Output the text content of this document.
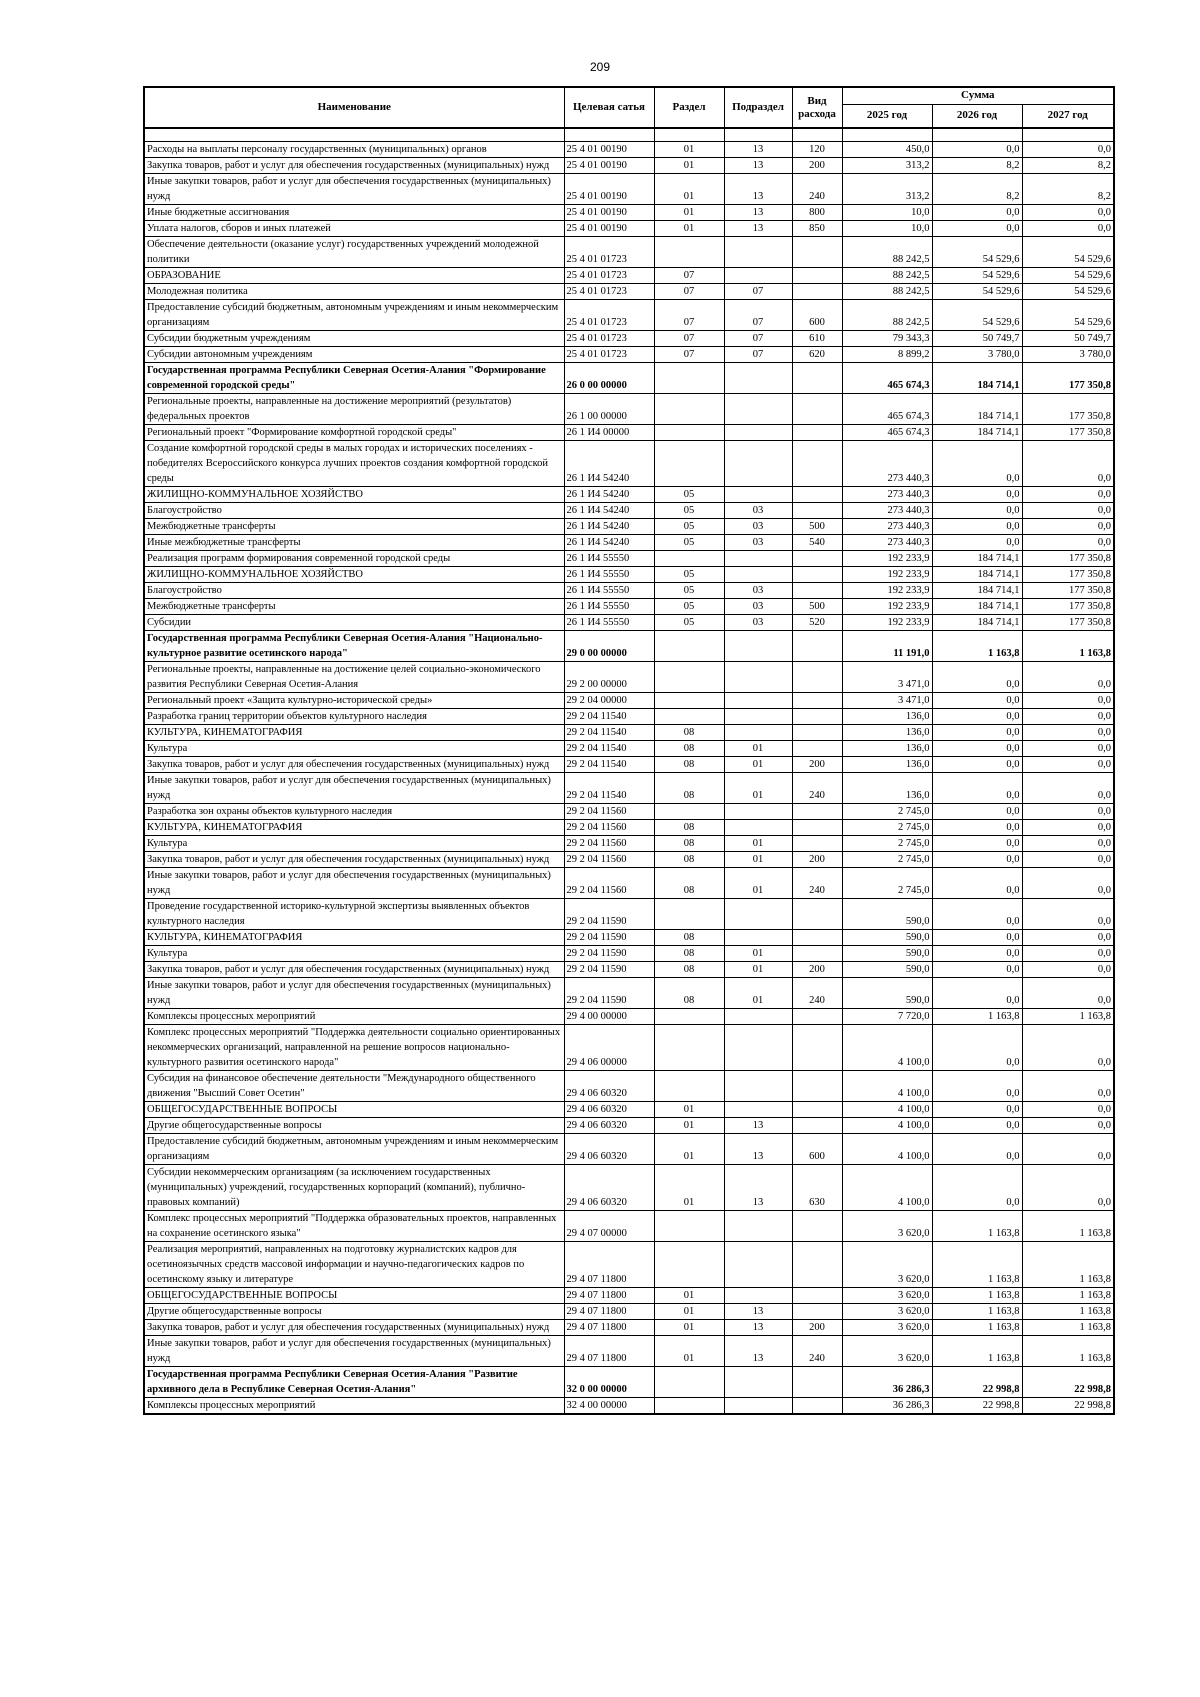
209
Наименование	Целевая сатья	Раздел	Подраздел	Вид расхода	Сумма		
					2025 год	2026 год	2027 год

Расходы на выплаты персоналу государственных (муниципальных) органов	25 4 01 00190	01	13	120	450,0	0,0	0,0
Закупка товаров, работ и услуг для обеспечения государственных (муниципальных) нужд	25 4 01 00190	01	13	200	313,2	8,2	8,2
Иные закупки товаров, работ и услуг для обеспечения государственных (муниципальных) нужд	25 4 01 00190	01	13	240	313,2	8,2	8,2
Иные бюджетные ассигнования	25 4 01 00190	01	13	800	10,0	0,0	0,0
Уплата налогов, сборов и иных платежей	25 4 01 00190	01	13	850	10,0	0,0	0,0
Обеспечение деятельности (оказание услуг) государственных учреждений молодежной политики	25 4 01 01723				88 242,5	54 529,6	54 529,6
ОБРАЗОВАНИЕ	25 4 01 01723	07			88 242,5	54 529,6	54 529,6
Молодежная политика	25 4 01 01723	07	07		88 242,5	54 529,6	54 529,6
Предоставление субсидий бюджетным, автономным учреждениям и иным некоммерческим организациям	25 4 01 01723	07	07	600	88 242,5	54 529,6	54 529,6
Субсидии бюджетным учреждениям	25 4 01 01723	07	07	610	79 343,3	50 749,7	50 749,7
Субсидии автономным учреждениям	25 4 01 01723	07	07	620	8 899,2	3 780,0	3 780,0
Государственная программа Республики Северная Осетия-Алания "Формирование современной городской среды"	26 0 00 00000				465 674,3	184 714,1	177 350,8
Региональные проекты, направленные на достижение мероприятий (результатов) федеральных проектов	26 1 00 00000				465 674,3	184 714,1	177 350,8
Региональный проект "Формирование комфортной городской среды"	26 1 И4 00000				465 674,3	184 714,1	177 350,8
Создание комфортной городской среды в малых городах и исторических поселениях - победителях Всероссийского конкурса лучших проектов создания комфортной городской среды	26 1 И4 54240				273 440,3	0,0	0,0
ЖИЛИЩНО-КОММУНАЛЬНОЕ ХОЗЯЙСТВО	26 1 И4 54240	05			273 440,3	0,0	0,0
Благоустройство	26 1 И4 54240	05	03		273 440,3	0,0	0,0
Межбюджетные трансферты	26 1 И4 54240	05	03	500	273 440,3	0,0	0,0
Иные межбюджетные трансферты	26 1 И4 54240	05	03	540	273 440,3	0,0	0,0
Реализация программ формирования современной городской среды	26 1 И4 55550				192 233,9	184 714,1	177 350,8
ЖИЛИЩНО-КОММУНАЛЬНОЕ ХОЗЯЙСТВО	26 1 И4 55550	05			192 233,9	184 714,1	177 350,8
Благоустройство	26 1 И4 55550	05	03		192 233,9	184 714,1	177 350,8
Межбюджетные трансферты	26 1 И4 55550	05	03	500	192 233,9	184 714,1	177 350,8
Субсидии	26 1 И4 55550	05	03	520	192 233,9	184 714,1	177 350,8
Государственная программа Республики Северная Осетия-Алания "Национально-культурное развитие осетинского народа"	29 0 00 00000				11 191,0	1 163,8	1 163,8
Региональные проекты, направленные на достижение целей социально-экономического развития Республики Северная Осетия-Алания	29 2 00 00000				3 471,0	0,0	0,0
Региональный проект «Защита культурно-исторической среды»	29 2 04 00000				3 471,0	0,0	0,0
Разработка границ территории объектов культурного наследия	29 2 04 11540				136,0	0,0	0,0
КУЛЬТУРА, КИНЕМАТОГРАФИЯ	29 2 04 11540	08			136,0	0,0	0,0
Культура	29 2 04 11540	08	01		136,0	0,0	0,0
Закупка товаров, работ и услуг для обеспечения государственных (муниципальных) нужд	29 2 04 11540	08	01	200	136,0	0,0	0,0
Иные закупки товаров, работ и услуг для обеспечения государственных (муниципальных) нужд	29 2 04 11540	08	01	240	136,0	0,0	0,0
Разработка зон охраны объектов культурного наследия	29 2 04 11560				2 745,0	0,0	0,0
КУЛЬТУРА, КИНЕМАТОГРАФИЯ	29 2 04 11560	08			2 745,0	0,0	0,0
Культура	29 2 04 11560	08	01		2 745,0	0,0	0,0
Закупка товаров, работ и услуг для обеспечения государственных (муниципальных) нужд	29 2 04 11560	08	01	200	2 745,0	0,0	0,0
Иные закупки товаров, работ и услуг для обеспечения государственных (муниципальных) нужд	29 2 04 11560	08	01	240	2 745,0	0,0	0,0
Проведение государственной историко-культурной экспертизы выявленных объектов культурного наследия	29 2 04 11590				590,0	0,0	0,0
КУЛЬТУРА, КИНЕМАТОГРАФИЯ	29 2 04 11590	08			590,0	0,0	0,0
Культура	29 2 04 11590	08	01		590,0	0,0	0,0
Закупка товаров, работ и услуг для обеспечения государственных (муниципальных) нужд	29 2 04 11590	08	01	200	590,0	0,0	0,0
Иные закупки товаров, работ и услуг для обеспечения государственных (муниципальных) нужд	29 2 04 11590	08	01	240	590,0	0,0	0,0
Комплексы процессных мероприятий	29 4 00 00000				7 720,0	1 163,8	1 163,8
Комплекс процессных мероприятий "Поддержка деятельности социально ориентированных некоммерческих организаций, направленной на решение вопросов национально-культурного развития осетинского народа"	29 4 06 00000				4 100,0	0,0	0,0
Субсидия на финансовое обеспечение деятельности "Международного общественного движения "Высший Совет Осетин"	29 4 06 60320				4 100,0	0,0	0,0
ОБЩЕГОСУДАРСТВЕННЫЕ ВОПРОСЫ	29 4 06 60320	01			4 100,0	0,0	0,0
Другие общегосударственные вопросы	29 4 06 60320	01	13		4 100,0	0,0	0,0
Предоставление субсидий бюджетным, автономным учреждениям и иным некоммерческим организациям	29 4 06 60320	01	13	600	4 100,0	0,0	0,0
Субсидии некоммерческим организациям (за исключением государственных (муниципальных) учреждений, государственных корпораций (компаний), публично-правовых компаний)	29 4 06 60320	01	13	630	4 100,0	0,0	0,0
Комплекс процессных мероприятий "Поддержка образовательных проектов, направленных на сохранение осетинского языка"	29 4 07 00000				3 620,0	1 163,8	1 163,8
Реализация мероприятий, направленных на подготовку журналистских кадров для осетиноязычных средств массовой информации и научно-педагогических кадров по осетинскому языку и литературе	29 4 07 11800				3 620,0	1 163,8	1 163,8
ОБЩЕГОСУДАРСТВЕННЫЕ ВОПРОСЫ	29 4 07 11800	01			3 620,0	1 163,8	1 163,8
Другие общегосударственные вопросы	29 4 07 11800	01	13		3 620,0	1 163,8	1 163,8
Закупка товаров, работ и услуг для обеспечения государственных (муниципальных) нужд	29 4 07 11800	01	13	200	3 620,0	1 163,8	1 163,8
Иные закупки товаров, работ и услуг для обеспечения государственных (муниципальных) нужд	29 4 07 11800	01	13	240	3 620,0	1 163,8	1 163,8
Государственная программа Республики Северная Осетия-Алания "Развитие архивного дела в Республике Северная Осетия-Алания"	32 0 00 00000				36 286,3	22 998,8	22 998,8
Комплексы процессных мероприятий	32 4 00 00000				36 286,3	22 998,8	22 998,8
